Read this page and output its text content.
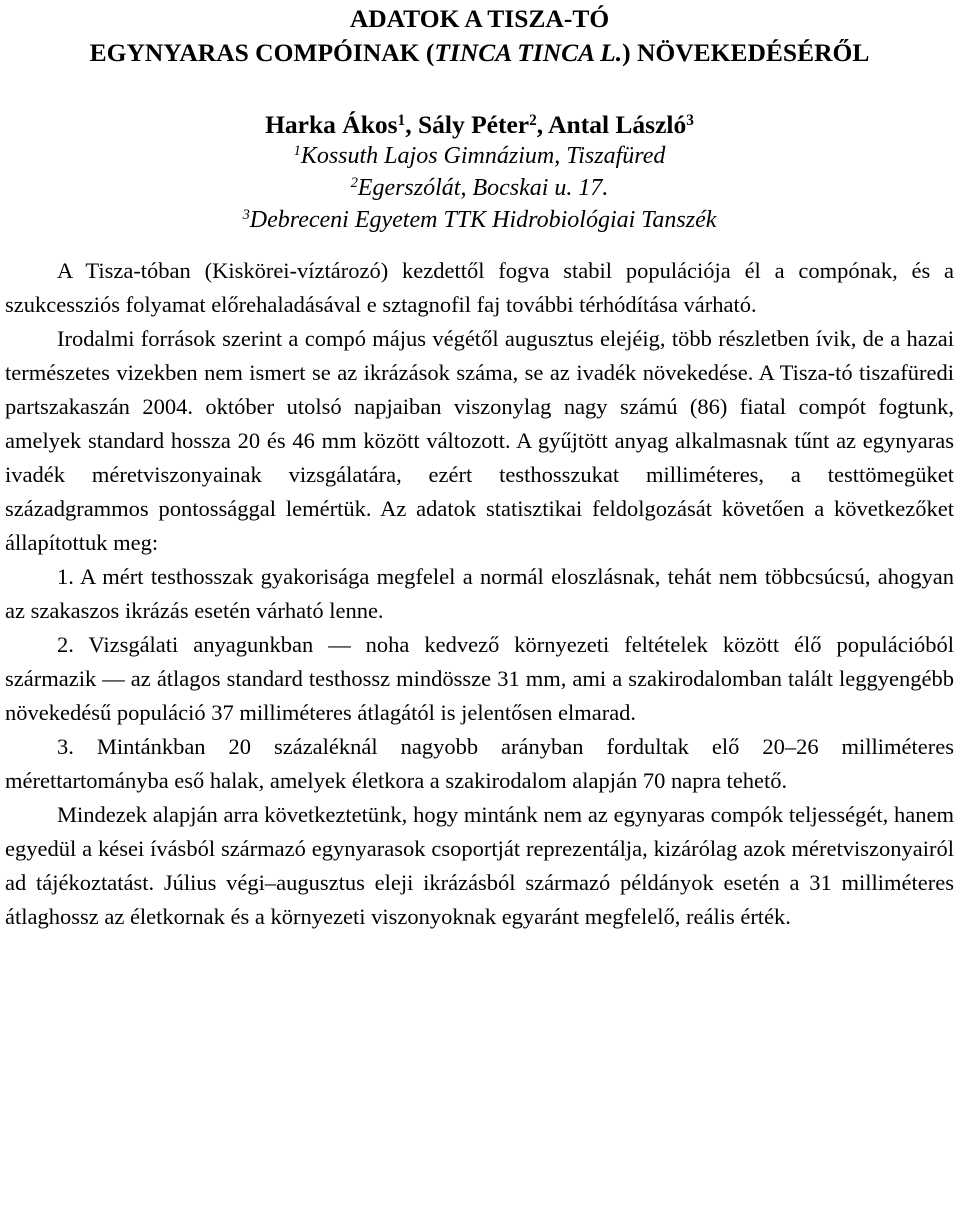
ADATOK A TISZA-TÓ
EGYNYARAS COMPÓINAK (TINCA TINCA L.) NÖVEKEDÉSÉRŐL
Harka Ákos$^1$, Sály Péter$^2$, Antal László$^3$
$^1$Kossuth Lajos Gimnázium, Tiszafüred
$^2$Egerszólát, Bocskai u. 17.
$^3$Debreceni Egyetem TTK Hidrobiológiai Tanszék

A Tisza-tóban (Kiskörei-víztározó) kezdettől fogva stabil populációja él a compónak, és a szukcessziós folyamat előrehaladásával e sztagnofil faj további térhódítása várható.

Irodalmi források szerint a compó május végétől augusztus elejéig, több részletben ívik, de a hazai természetes vizekben nem ismert se az ikrázások száma, se az ivadék növekedése. A Tisza-tó tiszafüredi partszakaszán 2004. október utolsó napjaiban viszonylag nagy számú (86) fiatal compót fogtunk, amelyek standard hossza 20 és 46 mm között változott. A gyűjtött anyag alkalmasnak tűnt az egynyaras ivadék méretviszonyainak vizsgálatára, ezért testhosszukat milliméteres, a testtömegüket századgrammos pontossággal lemértük. Az adatok statisztikai feldolgozását követően a következőket állapítottuk meg:

1. A mért testhosszak gyakorisága megfelel a normál eloszlásnak, tehát nem többcsúcsú, ahogyan az szakaszos ikrázás esetén várható lenne.

2. Vizsgálati anyagunkban — noha kedvező környezeti feltételek között élő populációból származik — az átlagos standard testhossz mindössze 31 mm, ami a szakirodalomban talált leggyengébb növekedésű populáció 37 milliméteres átlagától is jelentősen elmarad.

3. Mintánkban 20 százaléknál nagyobb arányban fordultak elő 20–26 milliméteres mérettartományba eső halak, amelyek életkora a szakirodalom alapján 70 napra tehető.

Mindezek alapján arra következtetünk, hogy mintánk nem az egynyaras compók teljességét, hanem egyedül a kései ívásból származó egynyarasok csoportját reprezentálja, kizárólag azok méretviszonyairól ad tájékoztatást. Július végi–augusztus eleji ikrázásból származó példányok esetén a 31 milliméteres átlaghossz az életkornak és a környezeti viszonyoknak egyaránt megfelelő, reális érték.
